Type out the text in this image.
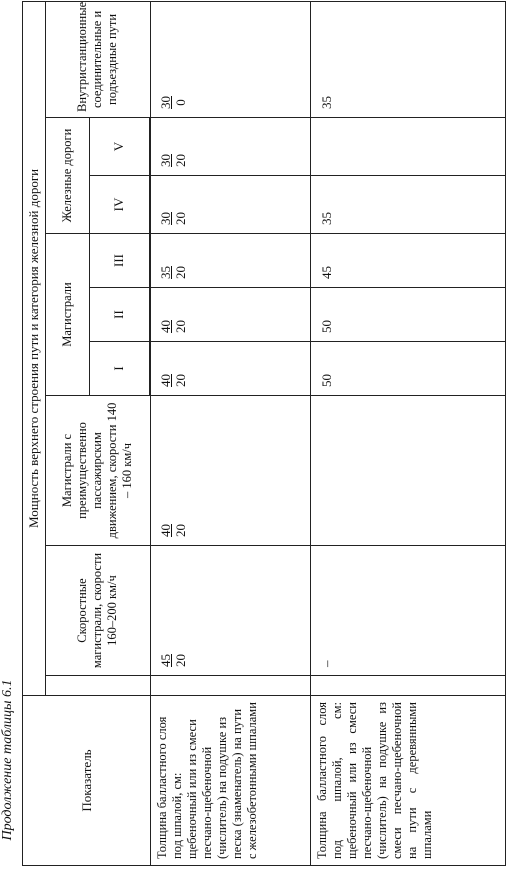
Продолжение таблицы 6.1	Показатель	Мощность верхнего строения пути и категория железной дороги								
		Скоростные магистрали, скорости 160–200 км/ч	Магистрали с преимущественно пассажирским движением, скорости 140 – 160 км/ч	Магистрали			Железные дороги		Внутристанционные соединительные и подъездные пути
				I	II	III	IV	V	

Толщина балластного слоя под шпалой, см: щебеночный или из смеси песчано-щебеночной (числитель) на подушке из песка (знаменатель) на пути с железобетонными шпалами		45 20	40 20	40 20	40 20	35 20	30 20	30 20	30 0

Толщина балластного слоя под шпалой, см: щебеночный или из смеси песчано-щебеночной (числитель) на подушке из смеси песчано-щебеночной на пути с деревянными шпалами		–		50	50	45	35		35
